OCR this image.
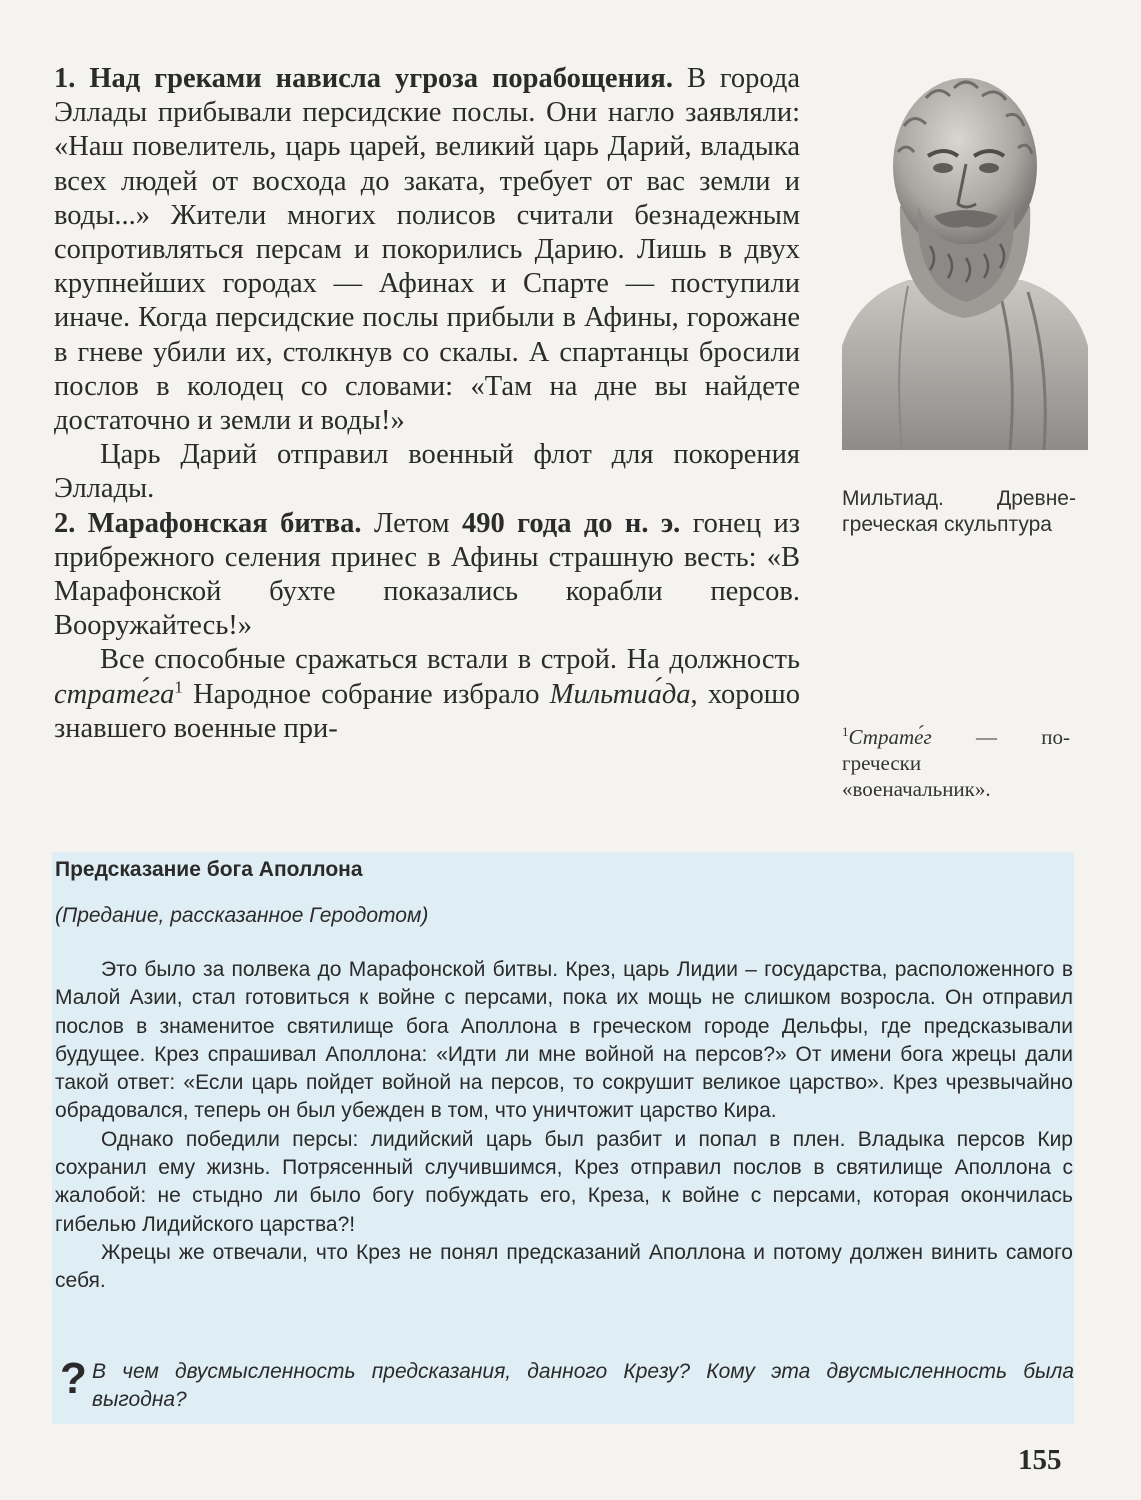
1. Над греками нависла угроза порабощения. В города Эллады прибывали персидские послы. Они нагло заявляли: «Наш повелитель, царь царей, великий царь Дарий, владыка всех людей от восхода до заката, требует от вас земли и воды...» Жители многих полисов считали безнадежным сопротивляться персам и покорились Дарию. Лишь в двух крупнейших городах — Афинах и Спарте — поступили иначе. Когда персидские послы прибыли в Афины, горожане в гневе убили их, столкнув со скалы. А спартанцы бросили послов в колодец со словами: «Там на дне вы найдете достаточно и земли и воды!»

Царь Дарий отправил военный флот для покорения Эллады.

2. Марафонская битва. Летом 490 года до н. э. гонец из прибрежного селения принес в Афины страшную весть: «В Марафонской бухте показались корабли персов. Вооружайтесь!»

Все способные сражаться встали в строй. На должность $страте́га^1$ Народное собрание избрало Мильтиа́да, хорошо знавшего военные при-

Мильтиад. Древнегреческая скульптура
$^1$Страте́г — по-гречески «военачальник».
Предсказание бога Аполлона
(Предание, рассказанное Геродотом)

Это было за полвека до Марафонской битвы. Крез, царь Лидии – государства, расположенного в Малой Азии, стал готовиться к войне с персами, пока их мощь не слишком возросла. Он отправил послов в знаменитое святилище бога Аполлона в греческом городе Дельфы, где предсказывали будущее. Крез спрашивал Аполлона: «Идти ли мне войной на персов?» От имени бога жрецы дали такой ответ: «Если царь пойдет войной на персов, то сокрушит великое царство». Крез чрезвычайно обрадовался, теперь он был убежден в том, что уничтожит царство Кира.

Однако победили персы: лидийский царь был разбит и попал в плен. Владыка персов Кир сохранил ему жизнь. Потрясенный случившимся, Крез отправил послов в святилище Аполлона с жалобой: не стыдно ли было богу побуждать его, Креза, к войне с персами, которая окончилась гибелью Лидийского царства?!

Жрецы же отвечали, что Крез не понял предсказаний Аполлона и потому должен винить самого себя.

? В чем двусмысленность предсказания, данного Крезу? Кому эта двусмысленность была выгодна?
155
